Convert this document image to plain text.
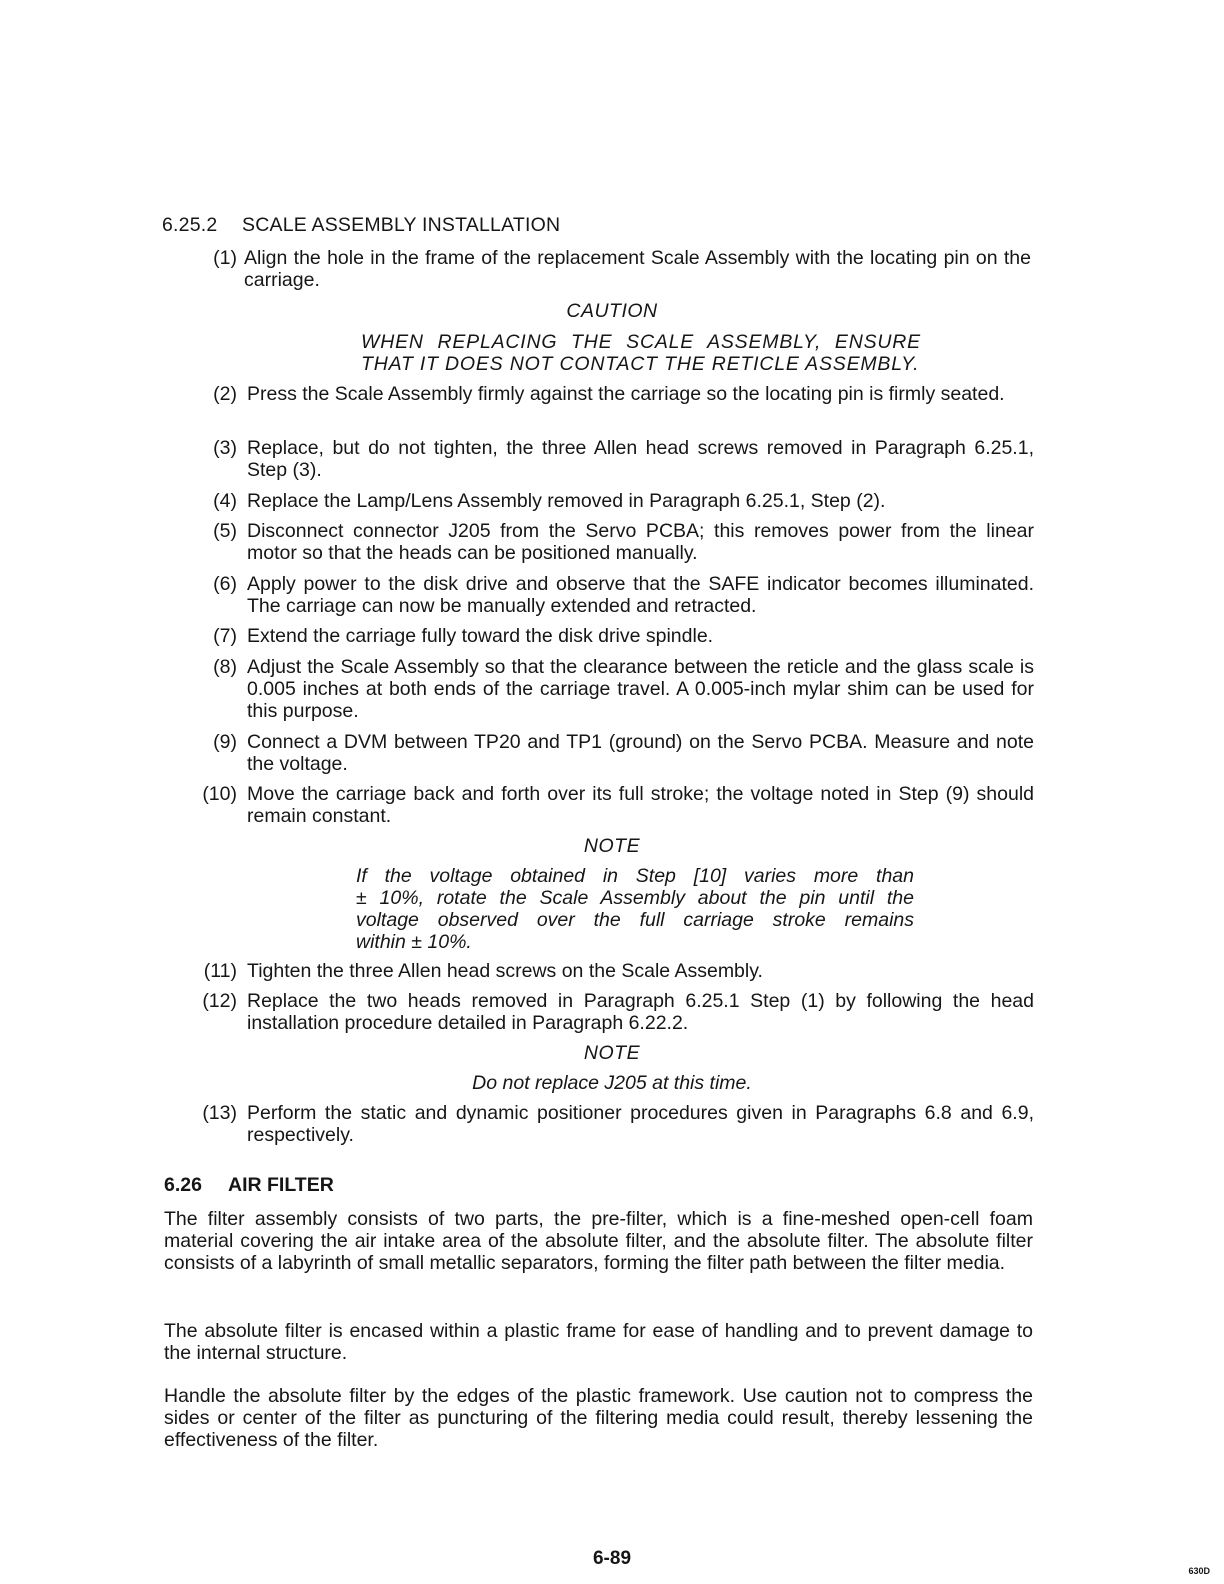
6.25.2 SCALE ASSEMBLY INSTALLATION
(1) Align the hole in the frame of the replacement Scale Assembly with the locating pin on the carriage.
CAUTION
WHEN REPLACING THE SCALE ASSEMBLY, ENSURE
THAT IT DOES NOT CONTACT THE RETICLE ASSEMBLY.
(2) Press the Scale Assembly firmly against the carriage so the locating pin is firmly seated.
(3) Replace, but do not tighten, the three Allen head screws removed in Paragraph 6.25.1, Step (3).
(4) Replace the Lamp/Lens Assembly removed in Paragraph 6.25.1, Step (2).
(5) Disconnect connector J205 from the Servo PCBA; this removes power from the linear motor so that the heads can be positioned manually.
(6) Apply power to the disk drive and observe that the SAFE indicator becomes illuminated. The carriage can now be manually extended and retracted.
(7) Extend the carriage fully toward the disk drive spindle.
(8) Adjust the Scale Assembly so that the clearance between the reticle and the glass scale is 0.005 inches at both ends of the carriage travel. A 0.005-inch mylar shim can be used for this purpose.
(9) Connect a DVM between TP20 and TP1 (ground) on the Servo PCBA. Measure and note the voltage.
(10) Move the carriage back and forth over its full stroke; the voltage noted in Step (9) should remain constant.
NOTE
If the voltage obtained in Step [10] varies more than
± 10%, rotate the Scale Assembly about the pin until the
voltage observed over the full carriage stroke remains
within ± 10%.
(11) Tighten the three Allen head screws on the Scale Assembly.
(12) Replace the two heads removed in Paragraph 6.25.1 Step (1) by following the head installation procedure detailed in Paragraph 6.22.2.
NOTE
Do not replace J205 at this time.
(13) Perform the static and dynamic positioner procedures given in Paragraphs 6.8 and 6.9, respectively.
6.26 AIR FILTER
The filter assembly consists of two parts, the pre-filter, which is a fine-meshed open-cell foam material covering the air intake area of the absolute filter, and the absolute filter. The absolute filter consists of a labyrinth of small metallic separators, forming the filter path between the filter media.
The absolute filter is encased within a plastic frame for ease of handling and to prevent damage to the internal structure.
Handle the absolute filter by the edges of the plastic framework. Use caution not to compress the sides or center of the filter as puncturing of the filtering media could result, thereby lessening the effectiveness of the filter.
6-89
630D
